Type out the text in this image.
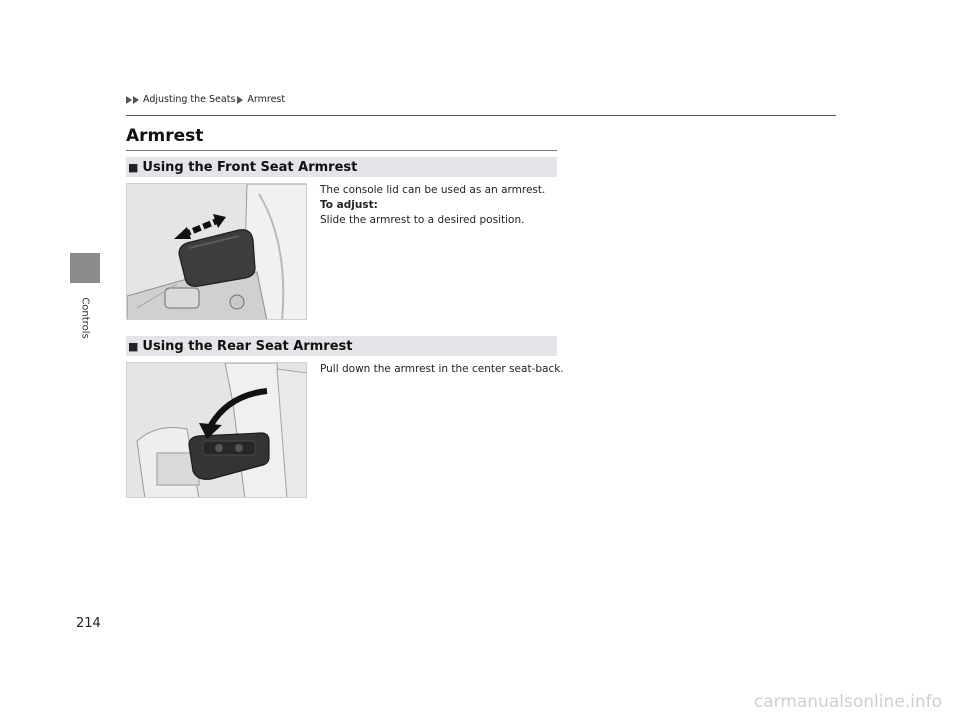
Controls
Adjusting the Seats Armrest
Armrest
■ Using the Front Seat Armrest
The console lid can be used as an armrest.
To adjust:
Slide the armrest to a desired position.
■ Using the Rear Seat Armrest
Pull down the armrest in the center seat-back.
214
carmanualsonline.info
